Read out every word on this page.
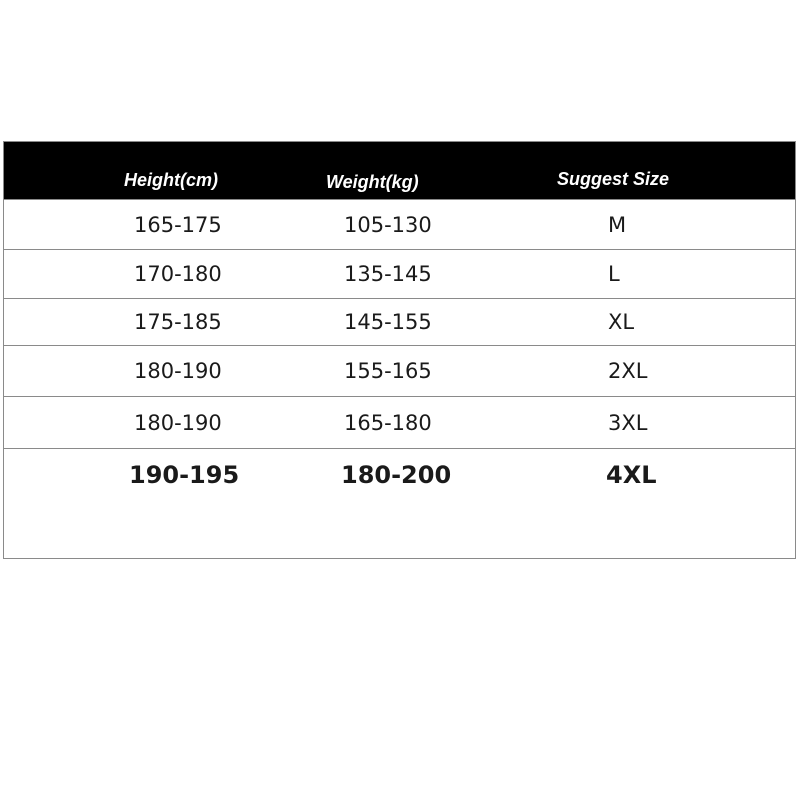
Height(cm)	Weight(kg)	Suggest Size
165-175	105-130	M
170-180	135-145	L
175-185	145-155	XL
180-190	155-165	2XL
180-190	165-180	3XL
190-195	180-200	4XL
